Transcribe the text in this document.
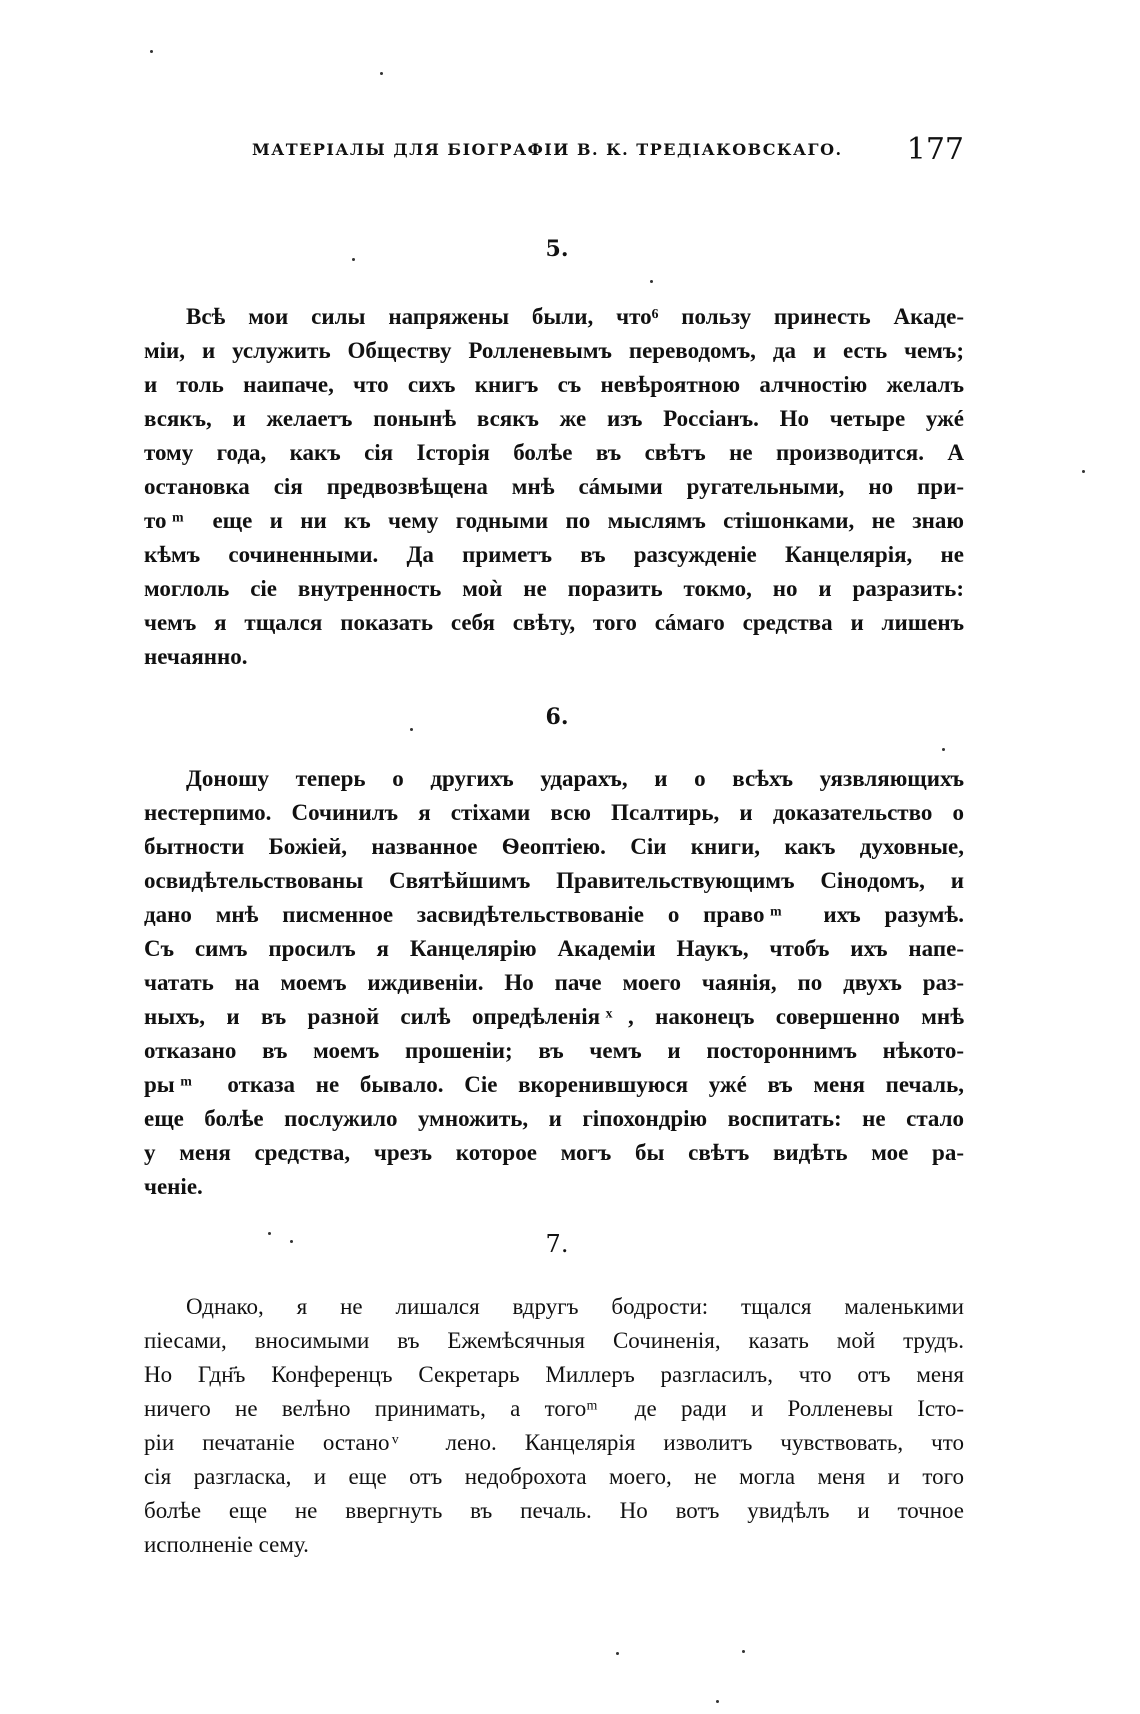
МАТЕРІАЛЫ ДЛЯ БІОГРАФІИ В. К. ТРЕДІАКОВСКАГО. 177
5.

Всѣ мои силы напряжены были, что⁶ пользу принесть Акаде-

міи, и услужить Обществу Ролленевымъ переводомъ, да и есть чемъ;

и толь наипаче, что сихъ книгъ съ невѣроятною алчностію желалъ

всякъ, и желаетъ понынѣ всякъ же изъ Россіанъ. Но четыре ужé

тому года, какъ сія Історія болѣе въ свѣтъ не производится. А

остановка сія предвозвѣщена мнѣ сáмыми ругательными, но при-

то ͫ еще и ни къ чему годными по мыслямъ стішонками, не знаю

кѣмъ сочиненными. Да приметъ въ разсужденіе Канцелярія, не

моглоль сіе внутренность моѝ не поразить токмо, но и разразить:

чемъ я тщался показать себя свѣту, того сáмаго средства и лишенъ

нечаянно.

6.

Доношу теперь о другихъ ударахъ, и о всѣхъ уязвляющихъ

нестерпимо. Сочинилъ я стіхами всю Псалтирь, и доказательство о

бытности Божіей, названное Ѳеоптіею. Сіи книги, какъ духовные,

освидѣтельствованы Святѣйшимъ Правительствующимъ Сінодомъ, и

дано мнѣ писменное засвидѣтельствованіе о право ͫ ихъ разумѣ.

Съ симъ просилъ я Канцелярію Академіи Наукъ, чтобъ ихъ напе-

чатать на моемъ иждивеніи. Но паче моего чаянія, по двухъ раз-

ныхъ, и въ разной силѣ опредѣленія ͯ, наконецъ совершенно мнѣ

отказано въ моемъ прошеніи; въ чемъ и постороннимъ нѣкото-

ры ͫ отказа не бывало. Сіе вкоренившуюся ужé въ меня печаль,

еще болѣе послужило умножить, и гіпохондрію воспитать: не стало

у меня средства, чрезъ которое могъ бы свѣтъ видѣть мое ра-

ченіе.

7.

Однако, я не лишался вдругъ бодрости: тщался маленькими

піесами, вносимыми въ Ежемѣсячныя Сочиненія, казать мой трудъ.

Но Гдн҃ъ Конференцъ Секретарь Миллеръ разгласилъ, что отъ меня

ничего не велѣно принимать, а того ͫ де ради и Ролленевы Істо-

ріи печатаніе остано ͮ лено. Канцелярія изволитъ чувствовать, что

сія разгласка, и еще отъ недоброхота моего, не могла меня и того

болѣе еще не ввергнуть въ печаль. Но вотъ увидѣлъ и точное

исполненіе сему.
